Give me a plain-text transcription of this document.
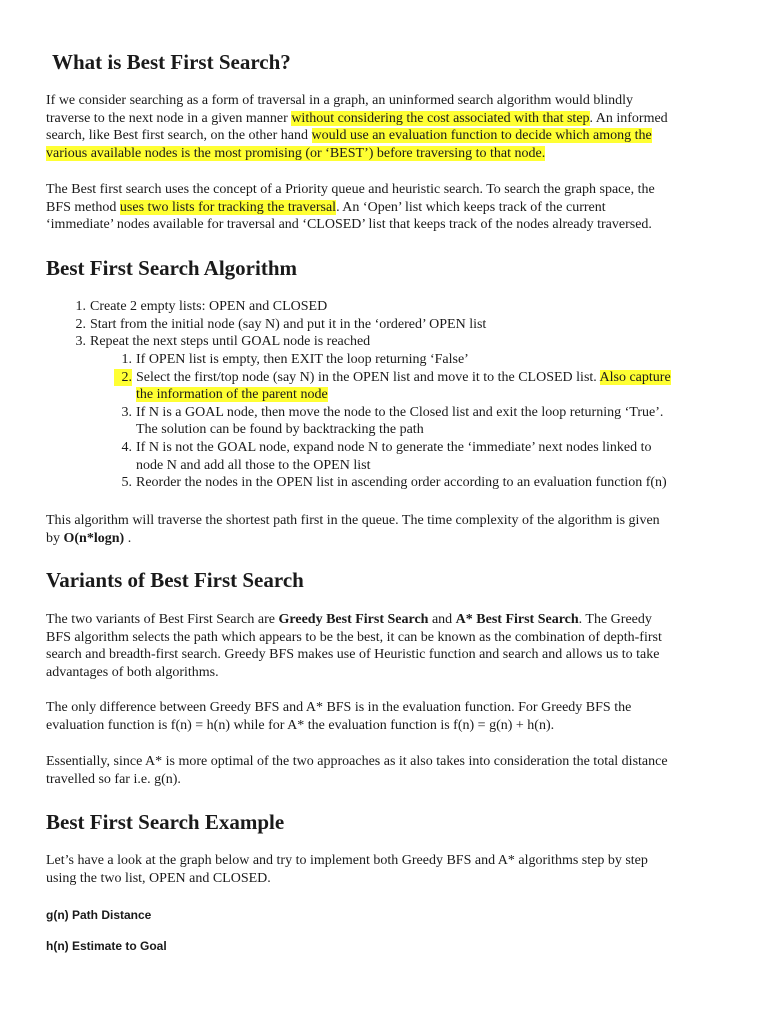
What is Best First Search?
If we consider searching as a form of traversal in a graph, an uninformed search algorithm would blindly
traverse to the next node in a given manner without considering the cost associated with that step. An informed
search, like Best first search, on the other hand would use an evaluation function to decide which among the
various available nodes is the most promising (or ‘BEST’) before traversing to that node.
The Best first search uses the concept of a Priority queue and heuristic search. To search the graph space, the
BFS method uses two lists for tracking the traversal. An ‘Open’ list which keeps track of the current
‘immediate’ nodes available for traversal and ‘CLOSED’ list that keeps track of the nodes already traversed.
Best First Search Algorithm
1. Create 2 empty lists: OPEN and CLOSED
2. Start from the initial node (say N) and put it in the ‘ordered’ OPEN list
3. Repeat the next steps until GOAL node is reached
1. If OPEN list is empty, then EXIT the loop returning ‘False’
2. Select the first/top node (say N) in the OPEN list and move it to the CLOSED list. Also capture
the information of the parent node
3. If N is a GOAL node, then move the node to the Closed list and exit the loop returning ‘True’.
The solution can be found by backtracking the path
4. If N is not the GOAL node, expand node N to generate the ‘immediate’ next nodes linked to
node N and add all those to the OPEN list
5. Reorder the nodes in the OPEN list in ascending order according to an evaluation function f(n)
This algorithm will traverse the shortest path first in the queue. The time complexity of the algorithm is given
by O(n*logn) .
Variants of Best First Search
The two variants of Best First Search are Greedy Best First Search and A* Best First Search. The Greedy
BFS algorithm selects the path which appears to be the best, it can be known as the combination of depth-first
search and breadth-first search. Greedy BFS makes use of Heuristic function and search and allows us to take
advantages of both algorithms.
The only difference between Greedy BFS and A* BFS is in the evaluation function. For Greedy BFS the
evaluation function is f(n) = h(n) while for A* the evaluation function is f(n) = g(n) + h(n).
Essentially, since A* is more optimal of the two approaches as it also takes into consideration the total distance
travelled so far i.e. g(n).
Best First Search Example
Let’s have a look at the graph below and try to implement both Greedy BFS and A* algorithms step by step
using the two list, OPEN and CLOSED.
g(n) Path Distance
h(n) Estimate to Goal
